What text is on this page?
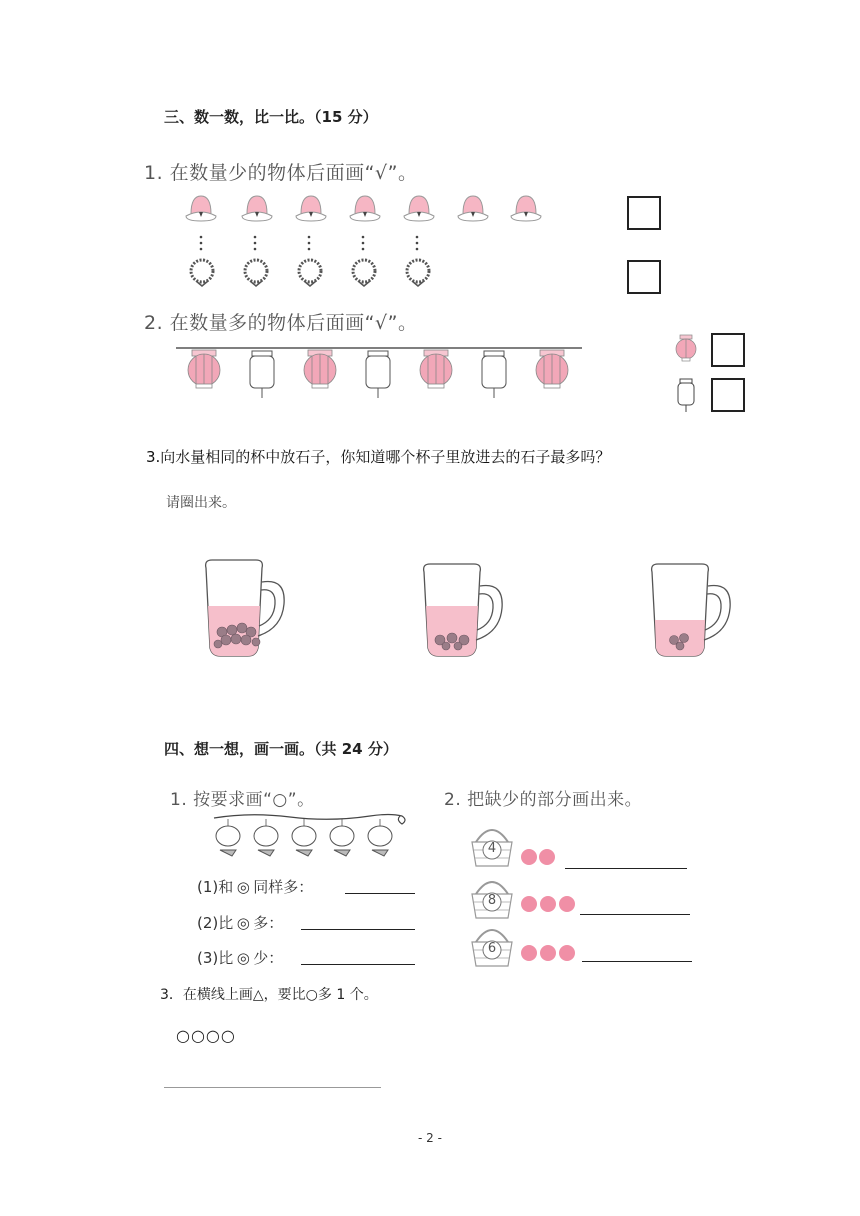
三、数一数，比一比。（15 分）
1. 在数量少的物体后面画“√”。
2. 在数量多的物体后面画“√”。
3.向水量相同的杯中放石子，你知道哪个杯子里放进去的石子最多吗？
请圈出来。
四、想一想，画一画。（共 24 分）
1. 按要求画“○”。	2. 把缺少的部分画出来。
(1)和 ◎ 同样多：
(2)比 ◎ 多：
(3)比 ◎ 少：
4
8
6
3．在横线上画△，要比○多 1 个。
○○○○
- 2 -
